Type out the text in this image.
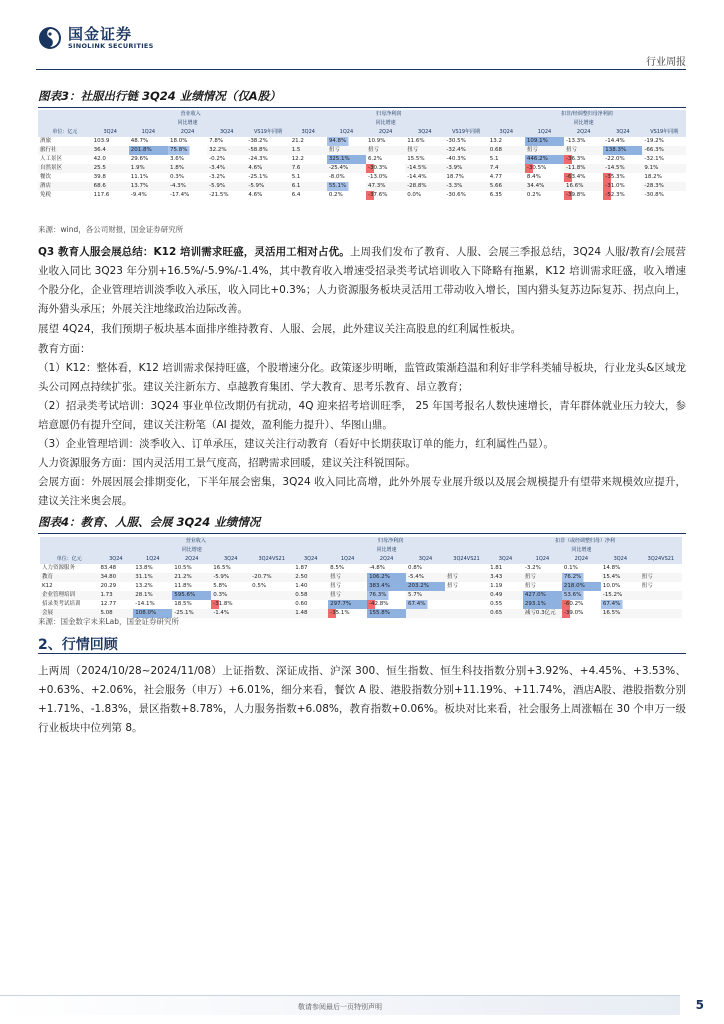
国金证券
SINOLINK SECURITIES
行业周报
图表3：社服出行链 3Q24 业绩情况（仅A股）
	营业收入					归母净利润					扣非/经调整归母净利润				
		同比增速					同比增速					同比增速			
单位：亿元	3Q24	1Q24	2Q24	3Q24	VS19年同期	3Q24	1Q24	2Q24	3Q24	VS19年同期	3Q24	1Q24	2Q24	3Q24	VS19年同期
酒旅	103.9	48.7%	18.0%	7.8%	-38.2%	21.2	94.8%	10.9%	11.6%	-30.5%	13.2	109.1%	-13.3%	-14.4%	-19.2%
旅行社	36.4	201.8%	75.8%	32.2%	-58.8%	1.5	扭亏	扭亏	扭亏	-32.4%	0.68	扭亏	扭亏	138.3%	-66.3%
人工景区	42.0	29.6%	3.6%	-0.2%	-24.3%	12.2	325.1%	6.2%	15.5%	-40.3%	5.1	446.2%	-36.3%	-22.0%	-32.1%
自然景区	25.5	1.9%	1.8%	-3.4%	4.6%	7.6	-25.4%	-30.3%	-14.5%	-3.9%	7.4	-30.5%	-11.8%	-14.5%	9.1%
餐饮	39.8	11.1%	0.3%	-3.2%	-25.1%	5.1	-8.0%	-13.0%	-14.4%	18.7%	4.77	8.4%	-63.4%	-35.3%	18.2%
酒店	68.6	13.7%	-4.3%	-5.9%	-5.9%	6.1	55.1%	47.3%	-28.8%	-3.3%	5.66	34.4%	16.6%	-31.0%	-28.3%
免税	117.6	-9.4%	-17.4%	-21.5%	4.6%	6.4	0.2%	-37.6%	0.0%	-30.6%	6.35	0.2%	-39.8%	-52.3%	-30.8%
来源：wind，各公司财报，国金证券研究所
Q3 教育人服会展总结：K12 培训需求旺盛，灵活用工相对占优。上周我们发布了教育、人服、会展三季报总结，3Q24 人服/教育/会展营业收入同比 3Q23 年分别+16.5%/-5.9%/-1.4%，其中教育收入增速受招录类考试培训收入下降略有拖累，K12 培训需求旺盛，收入增速个股分化，企业管理培训淡季收入承压，收入同比+0.3%；人力资源服务板块灵活用工带动收入增长，国内猎头复苏边际复苏、拐点向上，海外猎头承压；外展关注地缘政治边际改善。
展望 4Q24，我们预期子板块基本面排序维持教育、人服、会展，此外建议关注高股息的红利属性板块。
教育方面：
（1）K12：整体看，K12 培训需求保持旺盛，个股增速分化。政策逐步明晰，监管政策渐趋温和利好非学科类辅导板块，行业龙头&区域龙头公司网点持续扩张。建议关注新东方、卓越教育集团、学大教育、思考乐教育、昂立教育；
（2）招录类考试培训：3Q24 事业单位改期仍有扰动，4Q 迎来招考培训旺季， 25 年国考报名人数快速增长，青年群体就业压力较大，参培意愿仍有提升空间，建议关注粉笔（AI 提效，盈利能力提升）、华图山鼎。
（3）企业管理培训：淡季收入、订单承压，建议关注行动教育（看好中长期获取订单的能力，红利属性凸显）。
人力资源服务方面：国内灵活用工景气度高，招聘需求回暖，建议关注科锐国际。
会展方面：外展因展会排期变化，下半年展会密集，3Q24 收入同比高增，此外外展专业展升级以及展会规模提升有望带来规模效应提升，建议关注米奥会展。
图表4：教育、人服、会展 3Q24 业绩情况
	营业收入					归母净利润					扣非（或经调整归母）净利				
		同比增速					同比增速					同比增速			
单位：亿元	3Q24	1Q24	2Q24	3Q24	3Q24VS21	3Q24	1Q24	2Q24	3Q24	3Q24VS21	3Q24	1Q24	2Q24	3Q24	3Q24VS21
人力资源服务	83.48	13.8%	10.5%	16.5%		1.87	8.5%	-4.8%	0.8%		1.81	-3.2%	0.1%	14.8%	
教育	34.80	31.1%	21.2%	-5.9%	-20.7%	2.50	扭亏	106.2%	-5.4%	扭亏	3.43	扭亏	76.2%	15.4%	扭亏
K12	20.29	13.2%	11.8%	5.8%	0.5%	1.40	扭亏	383.4%	203.2%	扭亏	1.19	扭亏	218.0%	10.0%	扭亏
企业管理培训	1.73	28.1%	595.6%	0.3%		0.58	扭亏	76.3%	5.7%		0.49	427.0%	53.6%	-15.2%	
招录类考试培训	12.77	-14.1%	18.5%	-31.8%		0.60	297.7%	-42.8%	67.4%		0.55	293.1%	-60.2%	67.4%	
会展	5.08	108.0%	-25.1%	-1.4%		1.48	-35.1%	155.8%			0.65	减亏0.3亿元	-39.0%	16.5%	
来源：国金数字未来Lab，国金证券研究所
2、行情回顾
上两周（2024/10/28~2024/11/08）上证指数、深证成指、沪深 300、恒生指数、恒生科技指数分别+3.92%、+4.45%、+3.53%、+0.63%、+2.06%，社会服务（申万）+6.01%，细分来看，餐饮 A 股、港股指数分别+11.19%、+11.74%，酒店A股、港股指数分别+1.71%、-1.83%，景区指数+8.78%，人力服务指数+6.08%，教育指数+0.06%。板块对比来看，社会服务上周涨幅在 30 个申万一级行业板块中位列第 8。
敬请参阅最后一页特别声明	5
